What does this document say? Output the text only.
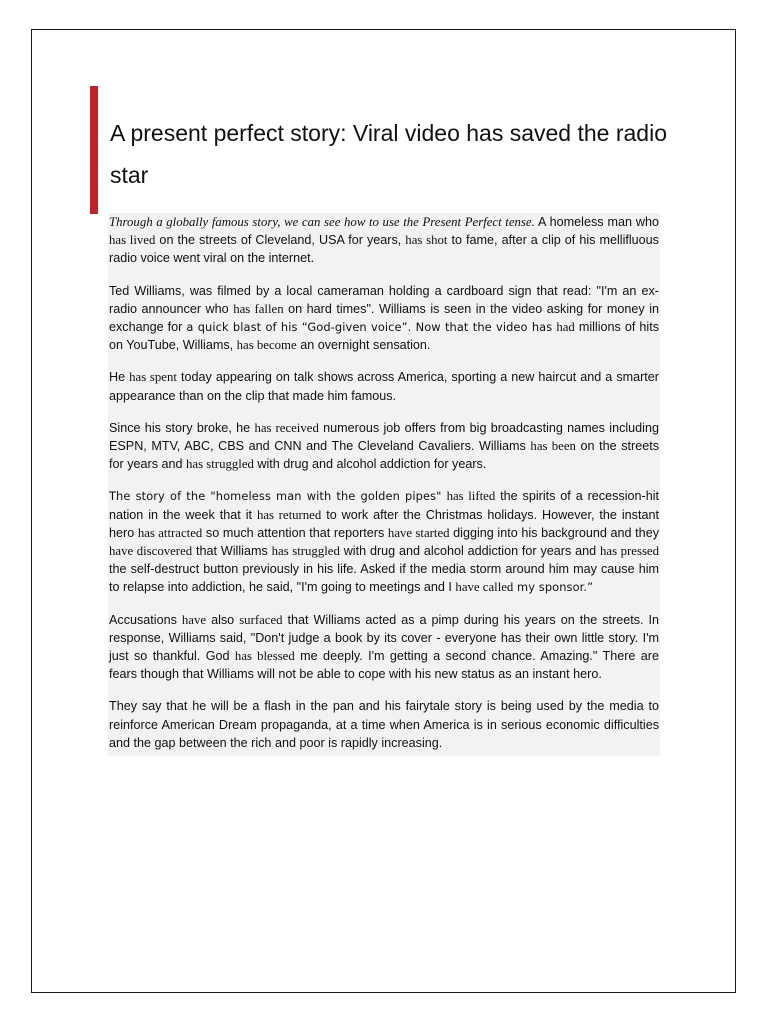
A present perfect story: Viral video has saved the radio star

Through a globally famous story, we can see how to use the Present Perfect tense. A homeless man who has lived on the streets of Cleveland, USA for years, has shot to fame, after a clip of his mellifluous radio voice went viral on the internet.

Ted Williams, was filmed by a local cameraman holding a cardboard sign that read: "I'm an ex-radio announcer who has fallen on hard times". Williams is seen in the video asking for money in exchange for a quick blast of his “God-given voice”. Now that the video has had millions of hits on YouTube, Williams, has become an overnight sensation.

He has spent today appearing on talk shows across America, sporting a new haircut and a smarter appearance than on the clip that made him famous.

Since his story broke, he has received numerous job offers from big broadcasting names including ESPN, MTV, ABC, CBS and CNN and The Cleveland Cavaliers. Williams has been on the streets for years and has struggled with drug and alcohol addiction for years.

The story of the "homeless man with the golden pipes" has lifted the spirits of a recession-hit nation in the week that it has returned to work after the Christmas holidays. However, the instant hero has attracted so much attention that reporters have started digging into his background and they have discovered that Williams has struggled with drug and alcohol addiction for years and has pressed the self-destruct button previously in his life. Asked if the media storm around him may cause him to relapse into addiction, he said, "I'm going to meetings and I have called my sponsor.”

Accusations have also surfaced that Williams acted as a pimp during his years on the streets. In response, Williams said, "Don't judge a book by its cover - everyone has their own little story. I'm just so thankful. God has blessed me deeply. I'm getting a second chance. Amazing." There are fears though that Williams will not be able to cope with his new status as an instant hero.

They say that he will be a flash in the pan and his fairytale story is being used by the media to reinforce American Dream propaganda, at a time when America is in serious economic difficulties and the gap between the rich and poor is rapidly increasing.
